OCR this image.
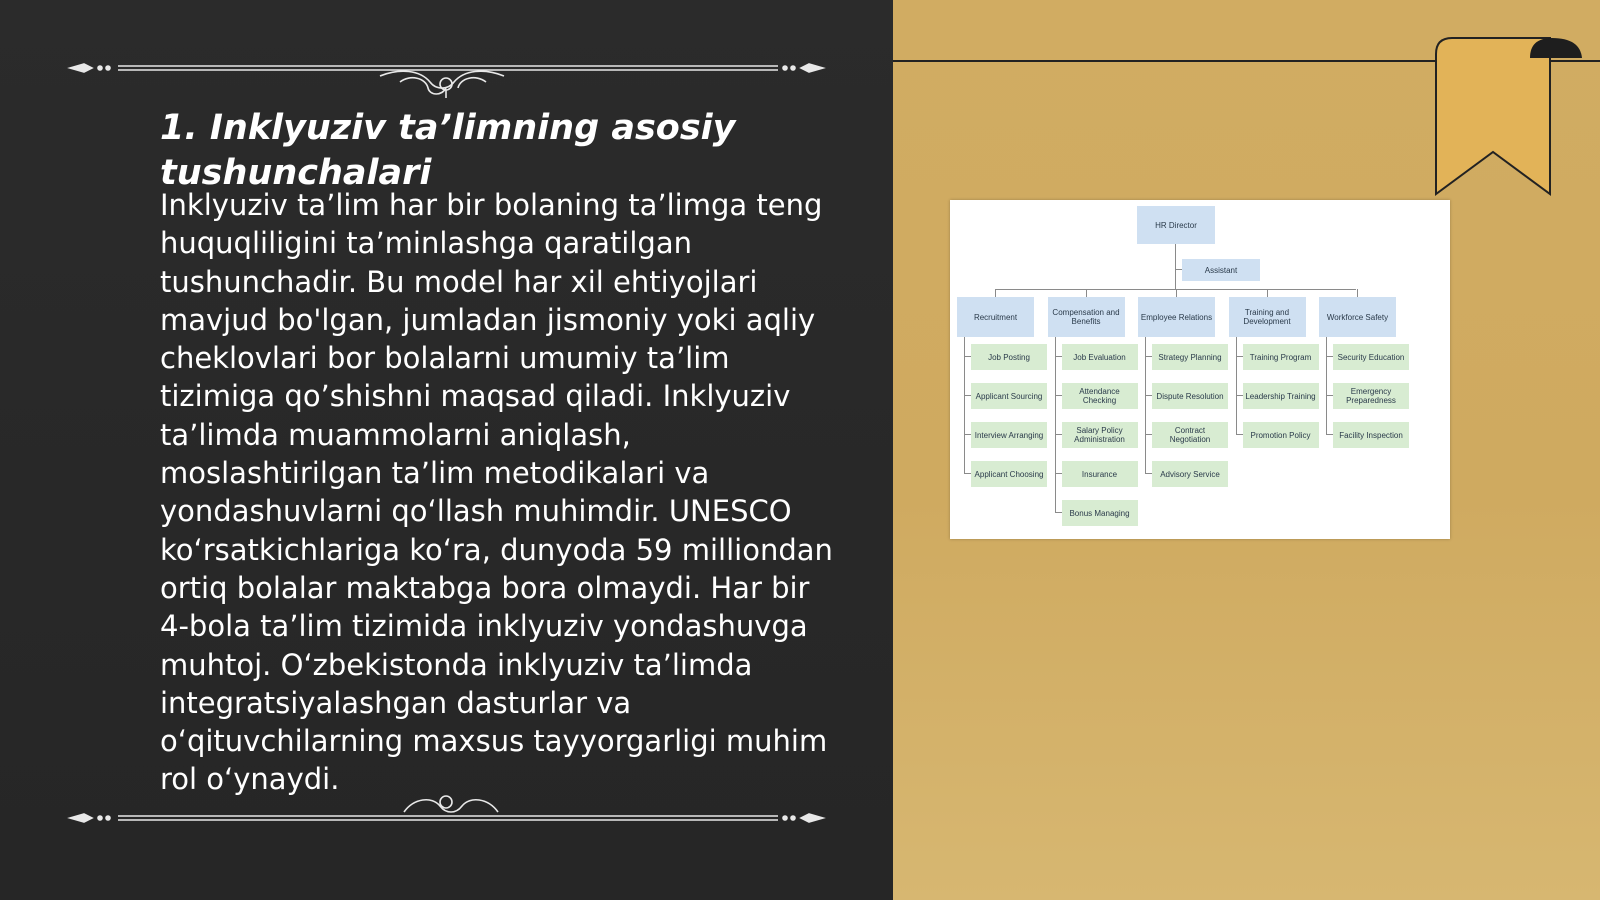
1. Inklyuziv ta’limning asosiy tushunchalari

Inklyuziv ta’lim har bir bolaning ta’limga teng huquqliligini ta’minlashga qaratilgan tushunchadir. Bu model har xil ehtiyojlari mavjud bo'lgan, jumladan jismoniy yoki aqliy cheklovlari bor bolalarni umumiy ta’lim tizimiga qo’shishni maqsad qiladi. Inklyuziv ta’limda muammolarni aniqlash, moslashtirilgan ta’lim metodikalari va yondashuvlarni qo‘llash muhimdir. UNESCO ko‘rsatkichlariga ko‘ra, dunyoda 59 milliondan ortiq bolalar maktabga bora olmaydi. Har bir 4-bola ta’lim tizimida inklyuziv yondashuvga muhtoj. O‘zbekistonda inklyuziv ta’limda integratsiyalashgan dasturlar va o‘qituvchilarning maxsus tayyorgarligi muhim rol o‘ynaydi.

HR Director
Assistant
Recruitment
Job Posting
Applicant Sourcing
Interview Arranging
Applicant Choosing
Compensation and Benefits
Job Evaluation
Attendance Checking
Salary Policy Administration
Insurance
Bonus Managing
Employee Relations
Strategy Planning
Dispute Resolution
Contract Negotiation
Advisory Service
Training and Development
Training Program
Leadership Training
Promotion Policy
Workforce Safety
Security Education
Emergency Preparedness
Facility Inspection
